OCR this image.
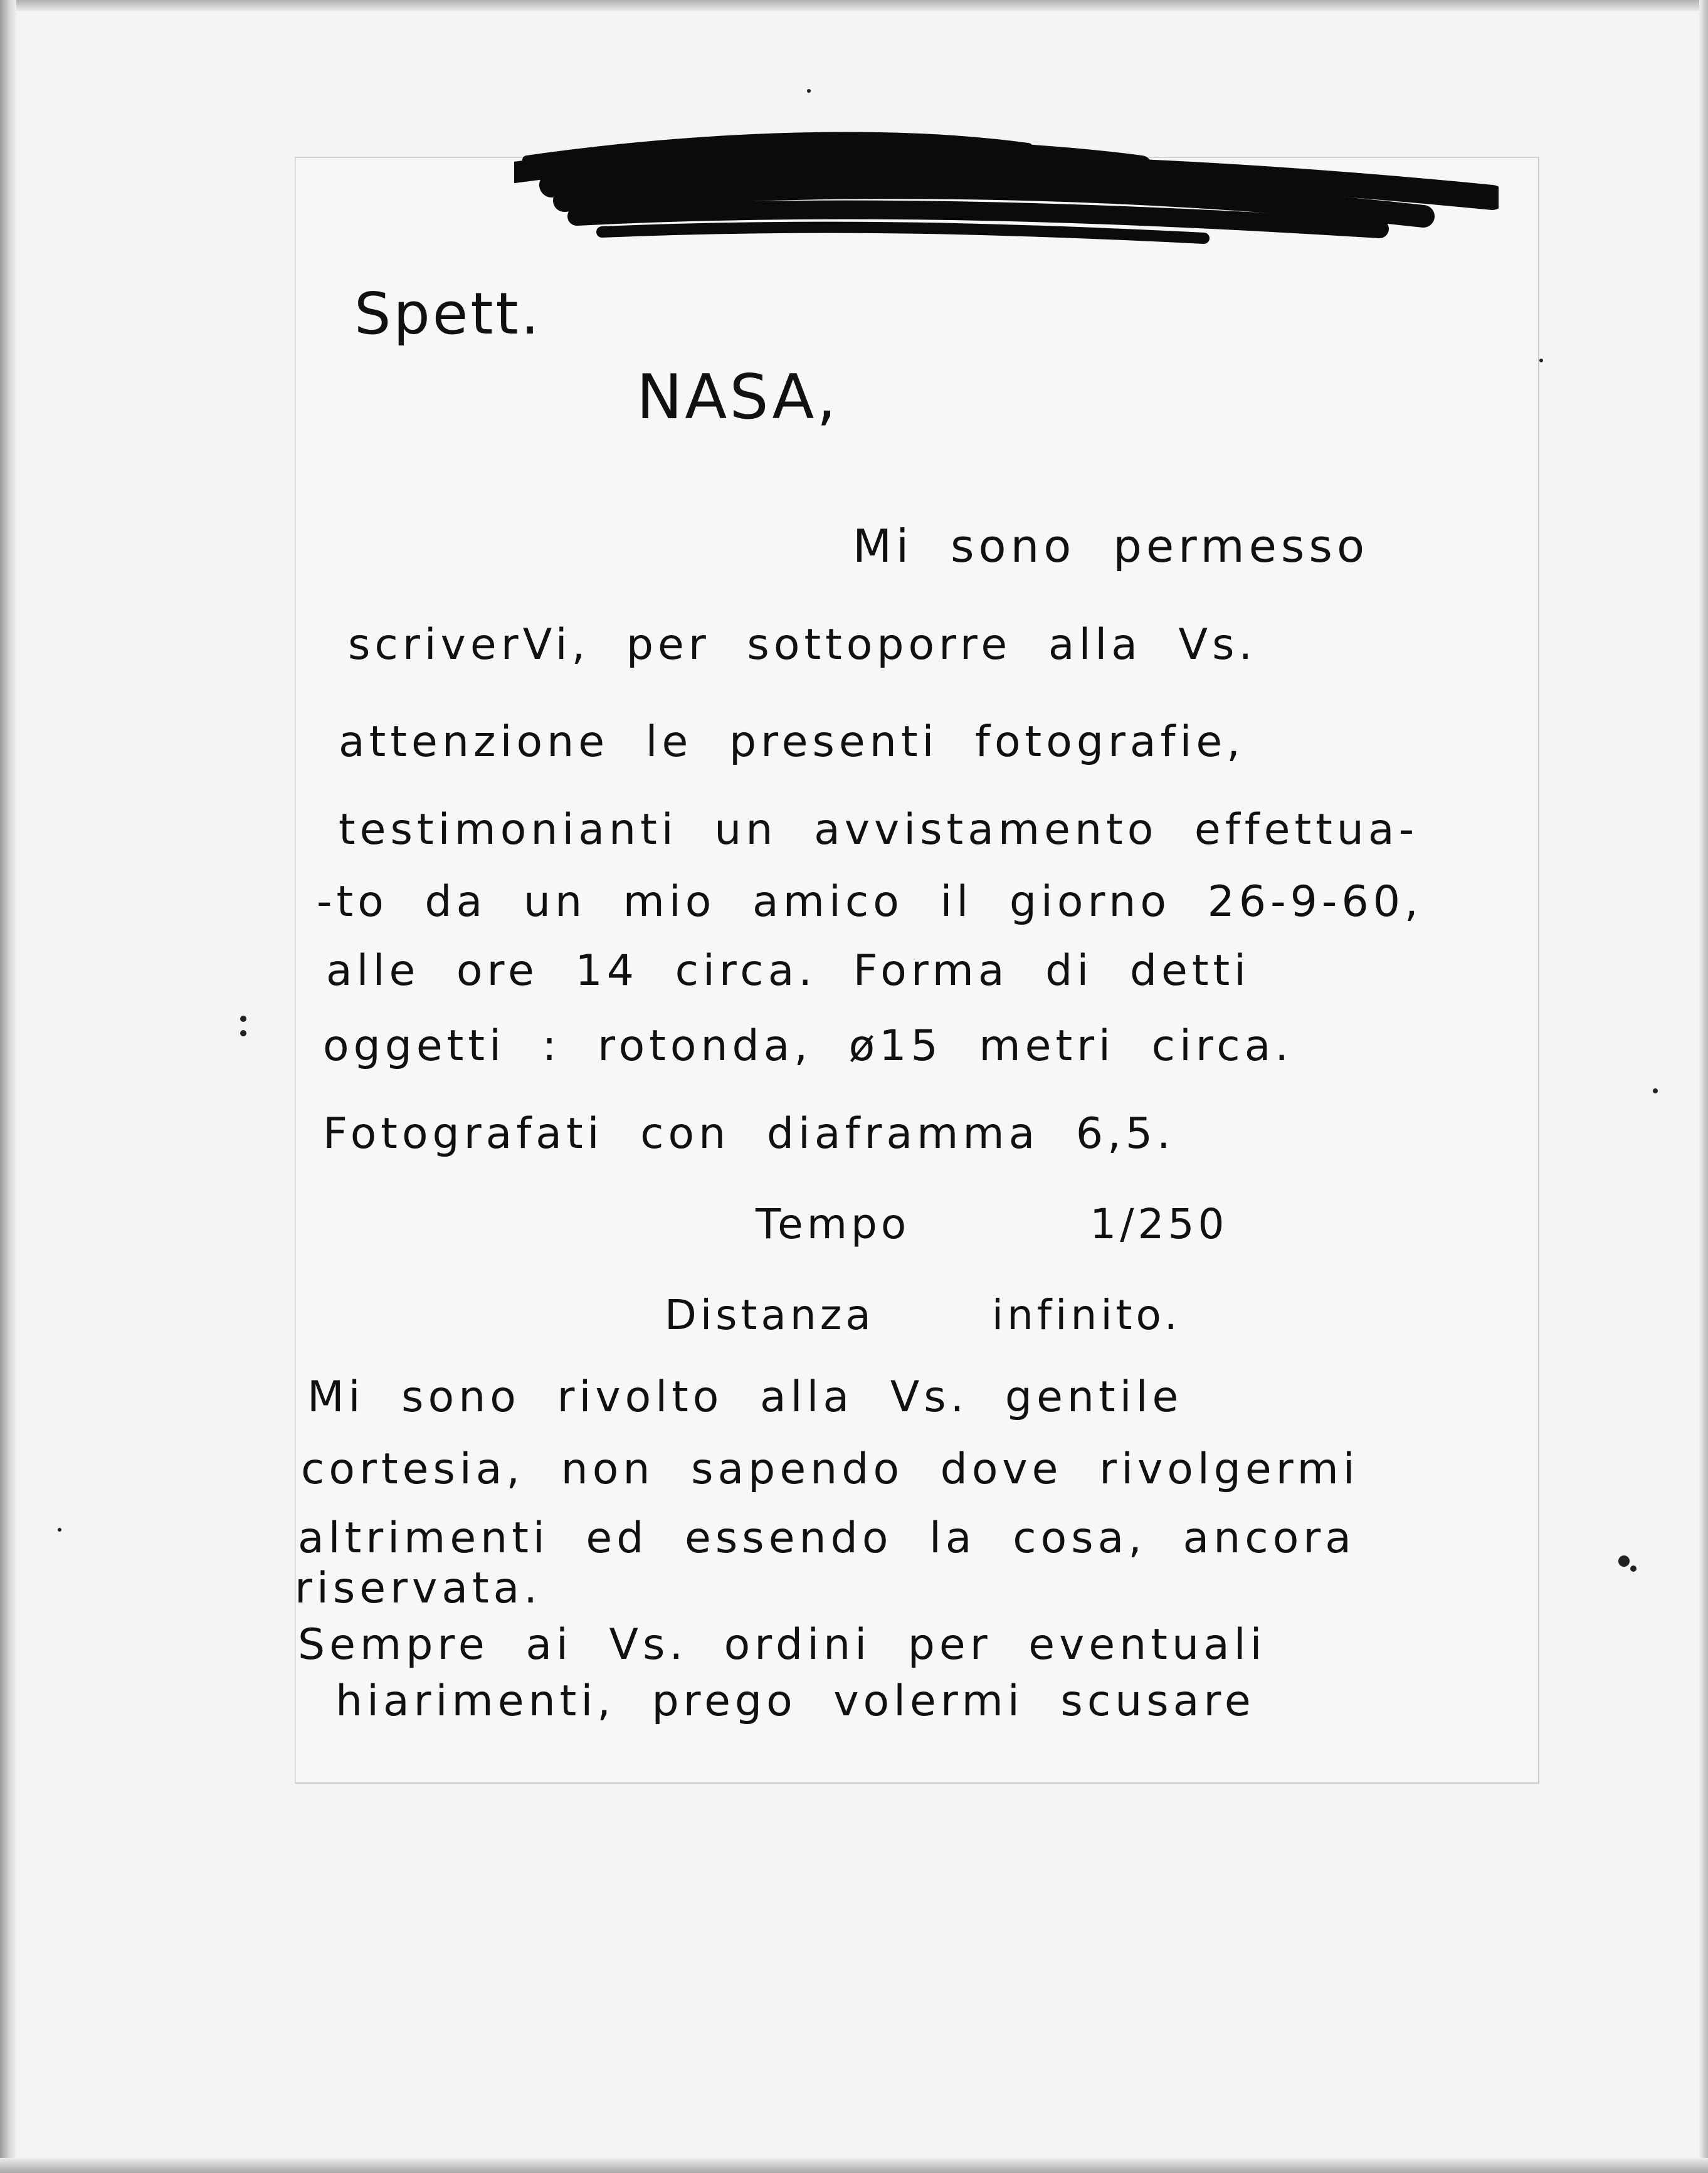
Spett.
NASA,
Mi sono permesso
scriverVi, per sottoporre alla Vs.
attenzione le presenti fotografie,
testimonianti un avvistamento effettua-
-to da un mio amico il giorno 26-9-60,
alle ore 14 circa. Forma di detti
oggetti : rotonda, ø15 metri circa.
Fotografati con diaframma 6,5.
Tempo 1/250
Distanza infinito.
Mi sono rivolto alla Vs. gentile
cortesia, non sapendo dove rivolgermi
altrimenti ed essendo la cosa, ancora
riservata.
Sempre ai Vs. ordini per eventuali
hiarimenti, prego volermi scusare
